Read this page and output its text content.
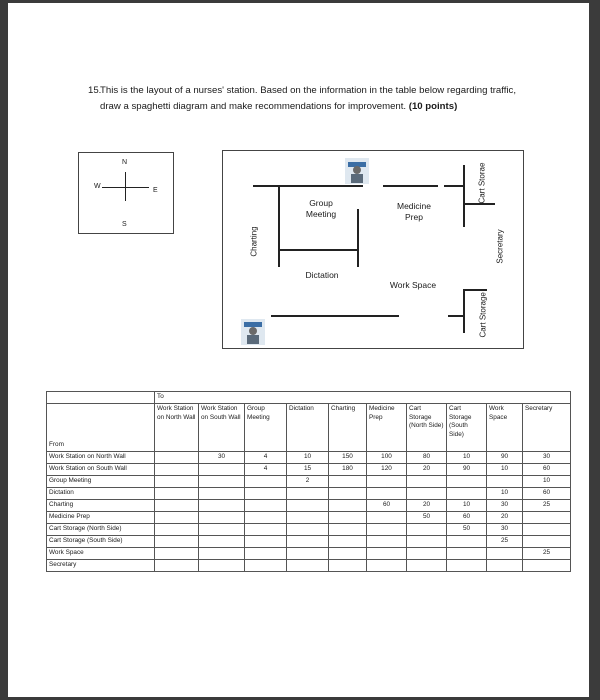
15.
This is the layout of a nurses' station. Based on the information in the table below regarding traffic, draw a spaghetti diagram and make recommendations for improvement. (10 points)

N
S
W
E
Group Meeting
Medicine Prep
Dictation
Work Space
Charting
Cart Storae
Secretary
Cart Storage
	To									

From	Work Station on North Wall	Work Station on South Wall	Group Meeting	Dictation	Charting	Medicine Prep	Cart Storage (North Side)	Cart Storage (South Side)	Work Space	Secretary
Work Station on North Wall		30	4	10	150	100	80	10	90	30
Work Station on South Wall			4	15	180	120	20	90	10	60
Group Meeting				2						10
Dictation									10	60
Charting						60	20	10	30	25
Medicine Prep							50	60	20	
Cart Storage (North Side)								50	30	
Cart Storage (South Side)									25	
Work Space										25
Secretary										
